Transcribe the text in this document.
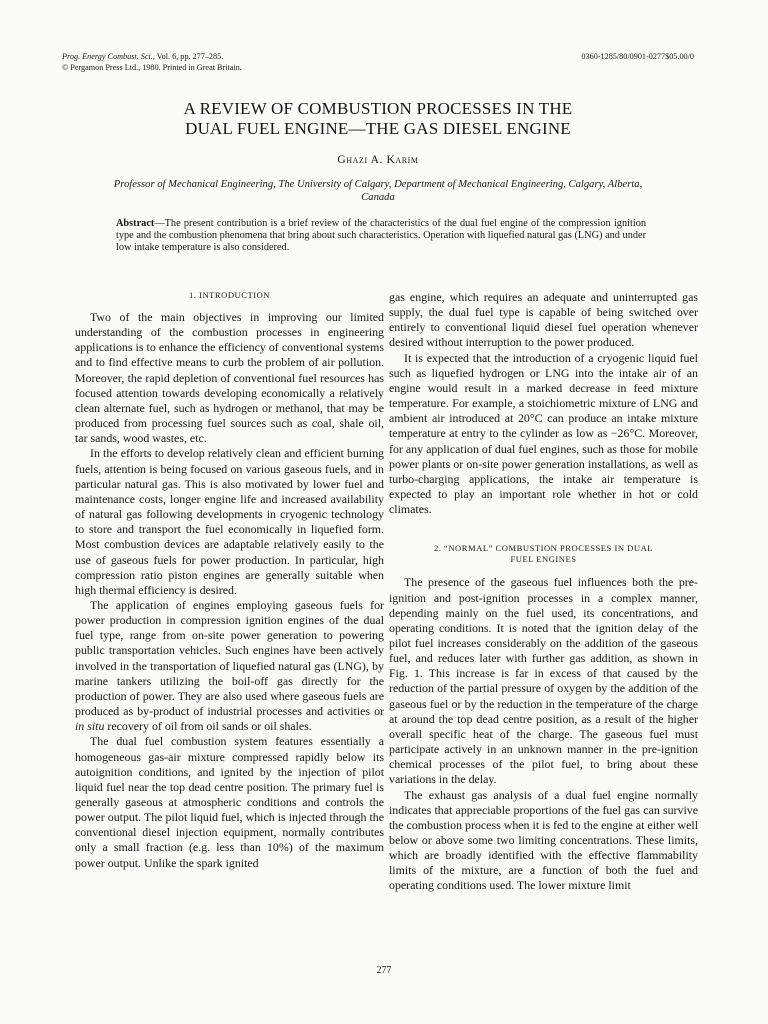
Prog. Energy Combust. Sci., Vol. 6, pp. 277–285.
© Pergamon Press Ltd., 1980. Printed in Great Britain.
0360-1285/80/0901-0277$05.00/0
A REVIEW OF COMBUSTION PROCESSES IN THE
DUAL FUEL ENGINE—THE GAS DIESEL ENGINE
Ghazi A. Karim
Professor of Mechanical Engineering, The University of Calgary, Department of Mechanical Engineering, Calgary, Alberta,
Canada
Abstract—The present contribution is a brief review of the characteristics of the dual fuel engine of the compression ignition type and the combustion phenomena that bring about such characteristics. Operation with liquefied natural gas (LNG) and under low intake temperature is also considered.
1. INTRODUCTION

Two of the main objectives in improving our limited understanding of the combustion processes in engineering applications is to enhance the efficiency of conventional systems and to find effective means to curb the problem of air pollution. Moreover, the rapid depletion of conventional fuel resources has focused attention towards developing economically a relatively clean alternate fuel, such as hydrogen or methanol, that may be produced from processing fuel sources such as coal, shale oil, tar sands, wood wastes, etc.

In the efforts to develop relatively clean and efficient burning fuels, attention is being focused on various gaseous fuels, and in particular natural gas. This is also motivated by lower fuel and maintenance costs, longer engine life and increased availability of natural gas following developments in cryogenic technology to store and transport the fuel economically in liquefied form. Most combustion devices are adaptable relatively easily to the use of gaseous fuels for power production. In particular, high compression ratio piston engines are generally suitable when high thermal efficiency is desired.

The application of engines employing gaseous fuels for power production in compression ignition engines of the dual fuel type, range from on-site power generation to powering public transportation vehicles. Such engines have been actively involved in the transportation of liquefied natural gas (LNG), by marine tankers utilizing the boil-off gas directly for the production of power. They are also used where gaseous fuels are produced as by-product of industrial processes and activities or in situ recovery of oil from oil sands or oil shales.

The dual fuel combustion system features essentially a homogeneous gas-air mixture compressed rapidly below its autoignition conditions, and ignited by the injection of pilot liquid fuel near the top dead centre position. The primary fuel is generally gaseous at atmospheric conditions and controls the power output. The pilot liquid fuel, which is injected through the conventional diesel injection equipment, normally contributes only a small fraction (e.g. less than 10%) of the maximum power output. Unlike the spark ignited

gas engine, which requires an adequate and uninterrupted gas supply, the dual fuel type is capable of being switched over entirely to conventional liquid diesel fuel operation whenever desired without interruption to the power produced.

It is expected that the introduction of a cryogenic liquid fuel such as liquefied hydrogen or LNG into the intake air of an engine would result in a marked decrease in feed mixture temperature. For example, a stoichiometric mixture of LNG and ambient air introduced at 20°C can produce an intake mixture temperature at entry to the cylinder as low as −26°C. Moreover, for any application of dual fuel engines, such as those for mobile power plants or on-site power generation installations, as well as turbo-charging applications, the intake air temperature is expected to play an important role whether in hot or cold climates.

2. “NORMAL” COMBUSTION PROCESSES IN DUAL
FUEL ENGINES

The presence of the gaseous fuel influences both the pre-ignition and post-ignition processes in a complex manner, depending mainly on the fuel used, its concentrations, and operating conditions. It is noted that the ignition delay of the pilot fuel increases considerably on the addition of the gaseous fuel, and reduces later with further gas addition, as shown in Fig. 1. This increase is far in excess of that caused by the reduction of the partial pressure of oxygen by the addition of the gaseous fuel or by the reduction in the temperature of the charge at around the top dead centre position, as a result of the higher overall specific heat of the charge. The gaseous fuel must participate actively in an unknown manner in the pre-ignition chemical processes of the pilot fuel, to bring about these variations in the delay.

The exhaust gas analysis of a dual fuel engine normally indicates that appreciable proportions of the fuel gas can survive the combustion process when it is fed to the engine at either well below or above some two limiting concentrations. These limits, which are broadly identified with the effective flammability limits of the mixture, are a function of both the fuel and operating conditions used. The lower mixture limit

277
